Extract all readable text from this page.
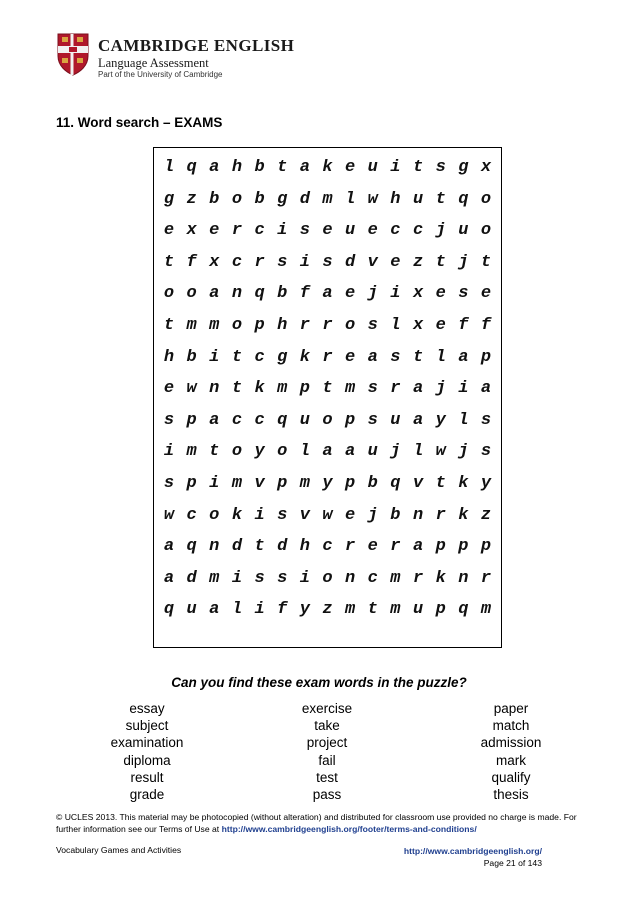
CAMBRIDGE ENGLISH
Language Assessment
Part of the University of Cambridge
11. Word search – EXAMS
l q a h b t a k e u i t s g x
g z b o b g d m l w h u t q o
e x e r c i s e u e c c j u o
t f x c r s i s d v e z t j t
o o a n q b f a e j i x e s e
t m m o p h r r o s l x e f f
h b i t c g k r e a s t l a p
e w n t k m p t m s r a j i a
s p a c c q u o p s u a y l s
i m t o y o l a a u j l w j s
s p i m v p m y p b q v t k y
w c o k i s v w e j b n r k z
a q n d t d h c r e r a p p p
a d m i s s i o n c m r k n r
q u a l i f y z m t m u p q m
Can you find these exam words in the puzzle?
essay
subject
examination
diploma
result
grade
exercise
take
project
fail
test
pass
paper
match
admission
mark
qualify
thesis
© UCLES 2013. This material may be photocopied (without alteration) and distributed for classroom use provided no charge is made. For further information see our Terms of Use at http://www.cambridgeenglish.org/footer/terms-and-conditions/
Vocabulary Games and Activities	http://www.cambridgeenglish.org/
Page 21 of 143
